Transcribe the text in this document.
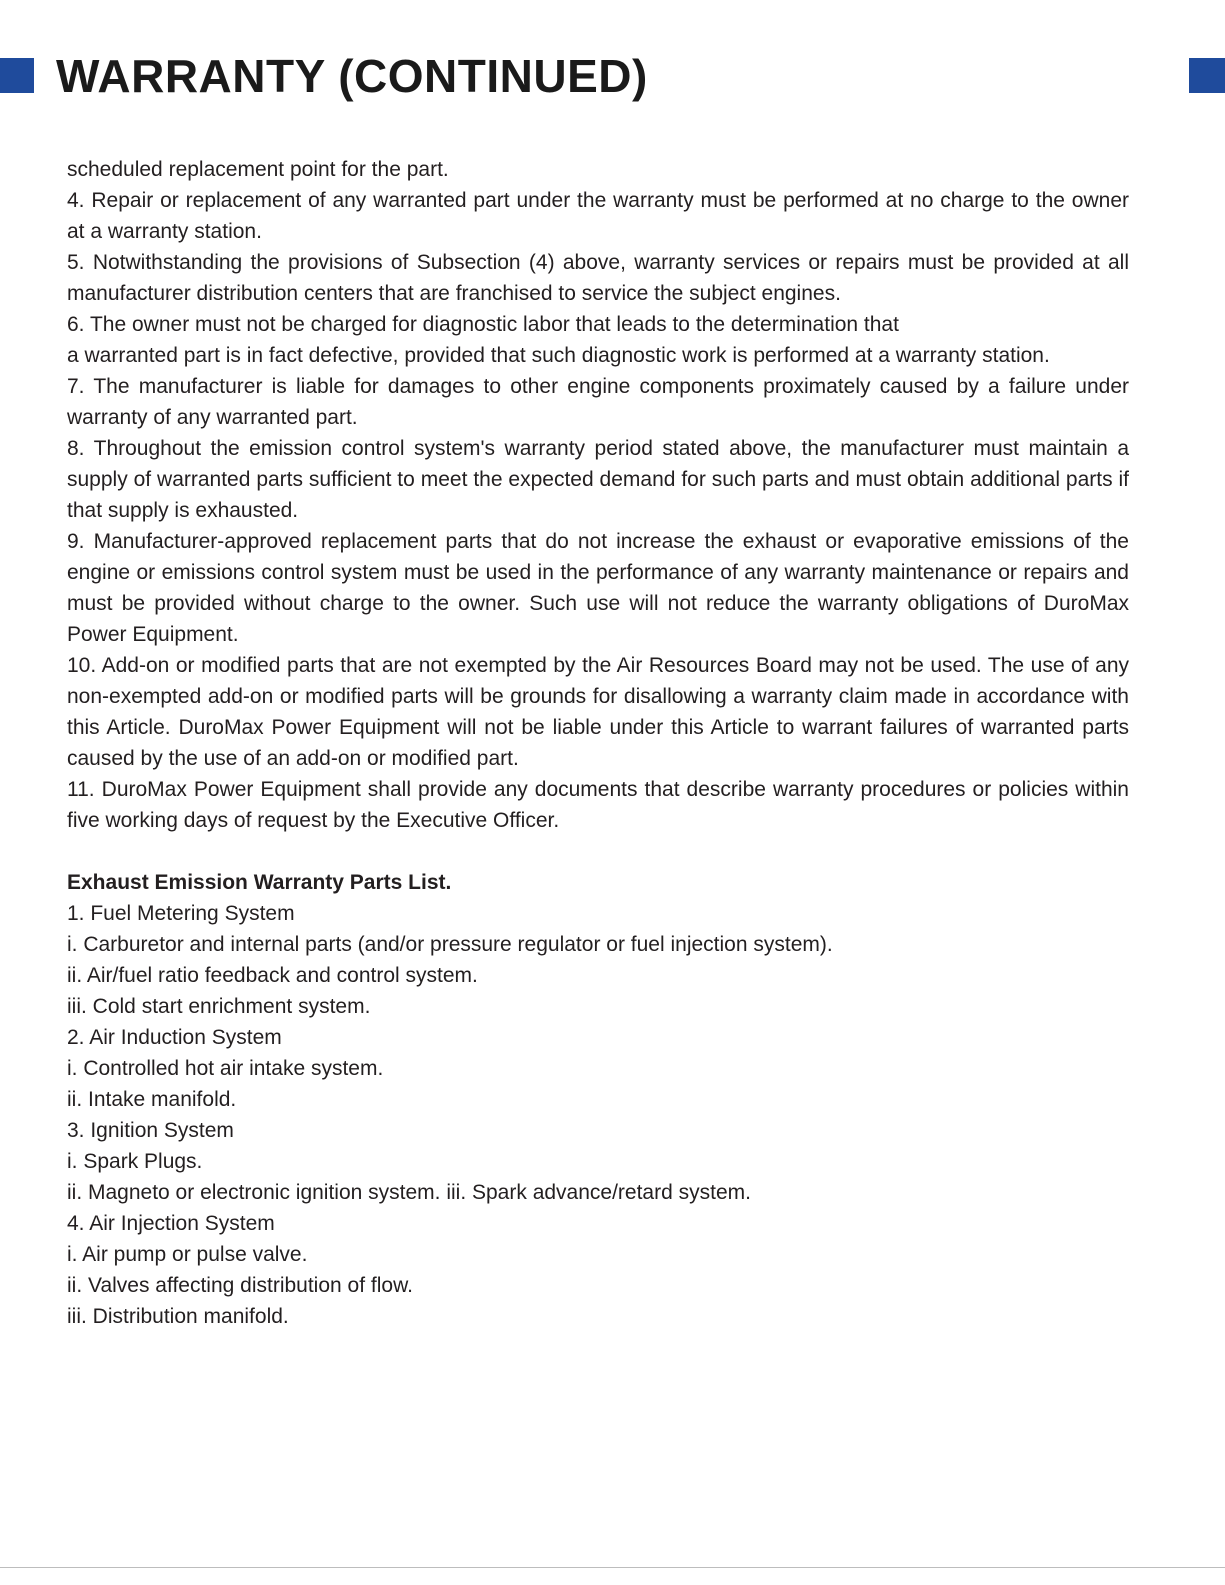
WARRANTY (CONTINUED)

scheduled replacement point for the part.

4. Repair or replacement of any warranted part under the warranty must be performed at no charge to the owner at a warranty station.

5. Notwithstanding the provisions of Subsection (4) above, warranty services or repairs must be provided at all manufacturer distribution centers that are franchised to service the subject engines.

6. The owner must not be charged for diagnostic labor that leads to the determination that

a warranted part is in fact defective, provided that such diagnostic work is performed at a warranty station.

7. The manufacturer is liable for damages to other engine components proximately caused by a failure under warranty of any warranted part.

8. Throughout the emission control system's warranty period stated above, the manufacturer must maintain a supply of warranted parts sufficient to meet the expected demand for such parts and must obtain additional parts if that supply is exhausted.

9. Manufacturer-approved replacement parts that do not increase the exhaust or evaporative emissions of the engine or emissions control system must be used in the performance of any warranty maintenance or repairs and must be provided without charge to the owner. Such use will not reduce the warranty obligations of DuroMax Power Equipment.

10. Add-on or modified parts that are not exempted by the Air Resources Board may not be used. The use of any non-exempted add-on or modified parts will be grounds for disallowing a warranty claim made in accordance with this Article. DuroMax Power Equipment will not be liable under this Article to warrant failures of warranted parts caused by the use of an add-on or modified part.

11. DuroMax Power Equipment shall provide any documents that describe warranty procedures or policies within five working days of request by the Executive Officer.

Exhaust Emission Warranty Parts List.

1. Fuel Metering System

i. Carburetor and internal parts (and/or pressure regulator or fuel injection system).

ii. Air/fuel ratio feedback and control system.

iii. Cold start enrichment system.

2. Air Induction System

i. Controlled hot air intake system.

ii. Intake manifold.

3. Ignition System

i. Spark Plugs.

ii. Magneto or electronic ignition system. iii. Spark advance/retard system.

4. Air Injection System

i. Air pump or pulse valve.

ii. Valves affecting distribution of flow.

iii. Distribution manifold.
